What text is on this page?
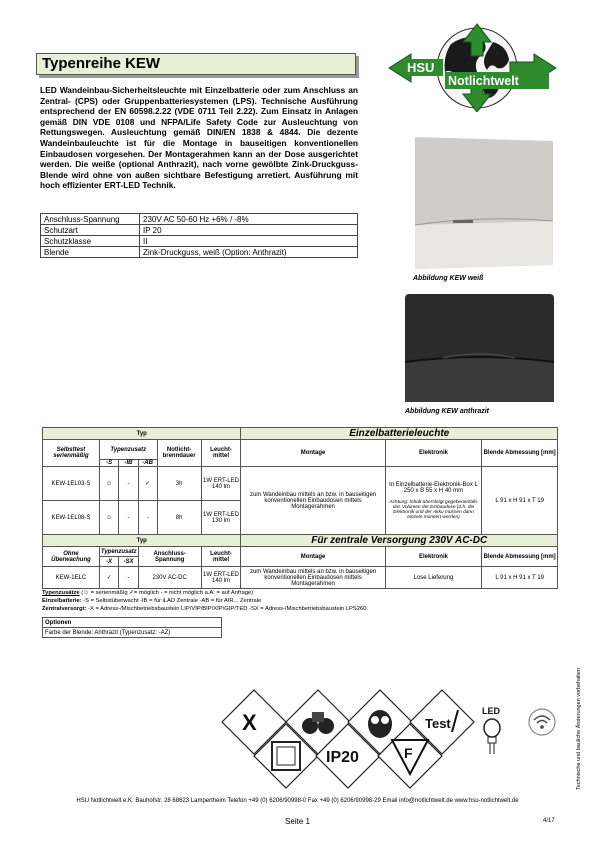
Typenreihe KEW	HSU
Notlichtwelt
LED Wandeinbau-Sicherheitsleuchte mit Einzelbatterie oder zum Anschluss an Zentral- (CPS) oder Gruppenbatteriesystemen (LPS). Technische Ausführung entsprechend der EN 60598.2.22 (VDE 0711 Teil 2.22). Zum Einsatz in Anlagen gemäß DIN VDE 0108 und NFPA/Life Safety Code zur Ausleuchtung von Rettungswegen. Ausleuchtung gemäß DIN/EN 1838 & 4844. Die dezente Wandeinbauleuchte ist für die Montage in bauseitigen konventionellen Einbaudosen vorgesehen. Der Montagerahmen kann an der Dose ausgerichtet werden. Die weiße (optional Anthrazit), nach vorne gewölbte Zink-Druckguss-Blende wird ohne von außen sichtbare Befestigung arretiert. Ausführung mit hoch effizienter ERT-LED Technik.
Anschluss-Spannung	230V AC 50-60 Hz +6% / -8%
Schutzart	IP 20
Schutzklasse	II
Blende	Zink-Druckguss, weiß (Option: Anthrazit)
Abbildung KEW weiß
Abbildung KEW anthrazit
Typ						Einzelbatterieleuchte		
Selbsttest serienmäßig	Typenzusatz			Notlicht-brenndauer	Leucht-mittel	Montage	Elektronik	Blende Abmessung [mm]
	-S	-IB	-AB					
KEW-1EL03-S	☺	-	✓	3h	1W ERT-LED 140 lm	zum Wandeinbau mittels an bzw. in bauseitigen konventionellen Einbaudosen mittels Montagerahmen	In Einzelbatterie-Elektronik-Box L 250 x B 55 x H 40 mm
Achtung: Inhalt übersteigt gegebenenfalls das Volumen der Einbaudose (d.h. die Elektronik und der Akku müssen dann einzeln montiert werden)	L 91 x H 91 x T 19
KEW-1EL08-S	☺	-	-	8h	1W ERT-LED 130 lm			
Typ						Für zentrale Versorgung 230V AC-DC		
Ohne Überwachung	Typenzusatz		Anschluss-Spannung		Leucht-mittel	Montage	Elektronik	Blende Abmessung [mm]
	-X	-SX						
KEW-1ELC	✓	-	230V AC-DC		1W ERT-LED 140 lm	zum Wandeinbau mittels an bzw. in bauseitigen konventionellen Einbaudosen mittels Montagerahmen	Lose Lieferung	L 91 x H 91 x T 19
Typenzusätze (☺ = serienmäßig ✓= möglich - = nicht möglich a.A. = auf Anfrage)
Einzelbatterie: -S = Selbstüberwacht -IB = für iLAD Zentrale -AB = für AIR... Zentrale
Zentralversorgt: -X = Adress-/Mischbetriebsbaustein LIP/VIP/BIP/XIP/GIP/TED -SX = Adress-/Mischbetriebsbaustein LPS260
Optionen
Farbe der Blende: Anthrazit (Typenzusatz: -AZ)
X	Test
IP20	F
LED	Technische und bauliche Änderungen vorbehalten
HSU Notlichtwelt e.K. Bauhofstr. 28 68623 Lampertheim Telefon +49 (0) 6206/90998-0 Fax +49 (0) 6206/90998-29 Email info@notlichtwelt.de www.hsu-notlichtwelt.de
Seite 1	4/17
